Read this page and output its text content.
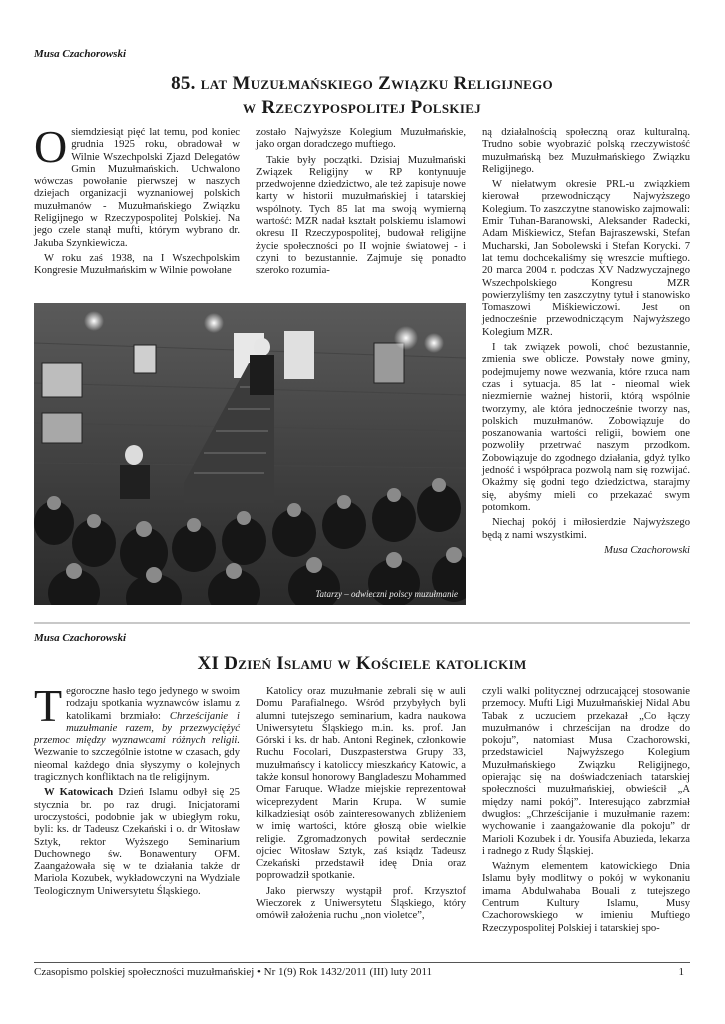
Musa Czachorowski
85. lat Muzułmańskiego Związku Religijnego
w Rzeczypospolitej Polskiej

Osiemdziesiąt pięć lat temu, pod koniec grudnia 1925 roku, obradował w Wilnie Wszechpolski Zjazd Delegatów Gmin Muzułmańskich. Uchwalono wówczas powołanie pierwszej w naszych dziejach organizacji wyznaniowej polskich muzułmanów - Muzułmańskiego Związku Religijnego w Rzeczypospolitej Polskiej. Na jego czele stanął mufti, którym wybrano dr. Jakuba Szynkiewicza.

W roku zaś 1938, na I Wszechpolskim Kongresie Muzułmańskim w Wilnie powołane

zostało Najwyższe Kolegium Muzułmańskie, jako organ doradczego muftiego.

Takie były początki. Dzisiaj Muzułmański Związek Religijny w RP kontynuuje przedwojenne dziedzictwo, ale też zapisuje nowe karty w historii muzułmańskiej i tatarskiej wspólnoty. Tych 85 lat ma swoją wymierną wartość: MZR nadał kształt polskiemu islamowi okresu II Rzeczypospolitej, budował religijne życie społeczności po II wojnie światowej - i czyni to bezustannie. Zajmuje się ponadto szeroko rozumia-

ną działalnością społeczną oraz kulturalną. Trudno sobie wyobrazić polską rzeczywistość muzułmańską bez Muzułmańskiego Związku Religijnego.

W niełatwym okresie PRL-u związkiem kierował przewodniczący Najwyższego Kolegium. To zaszczytne stanowisko zajmowali: Emir Tuhan-Baranowski, Aleksander Radecki, Adam Miśkiewicz, Stefan Bajraszewski, Stefan Mucharski, Jan Sobolewski i Stefan Korycki. 7 lat temu dochcekaliśmy się wreszcie muftiego. 20 marca 2004 r. podczas XV Nadzwyczajnego Wszechpolskiego Kongresu MZR powierzyliśmy ten zaszczytny tytuł i stanowisko Tomaszowi Miśkiewiczowi. Jest on jednocześnie przewodniczącym Najwyższego Kolegium MZR.

I tak związek powoli, choć bezustannie, zmienia swe oblicze. Powstały nowe gminy, podejmujemy nowe wezwania, które rzuca nam czas i sytuacja. 85 lat - nieomal wiek niezmiernie ważnej historii, którą wspólnie tworzymy, ale która jednocześnie tworzy nas, polskich muzułmanów. Zobowiązuje do poszanowania wartości religii, bowiem one pozwoliły przetrwać naszym przodkom. Zobowiązuje do zgodnego działania, gdyż tylko jedność i współpraca pozwolą nam się rozwijać. Okażmy się godni tego dziedzictwa, starajmy się, abyśmy mieli co przekazać swym potomkom.

Niechaj pokój i miłosierdzie Najwyższego będą z nami wszystkimi.

Musa Czachorowski
Tatarzy – odwieczni polscy muzułmanie
Musa Czachorowski
XI Dzień Islamu w Kościele katolickim

Tegoroczne hasło tego jedynego w swoim rodzaju spotkania wyznawców islamu z katolikami brzmiało: Chrześcijanie i muzułmanie razem, by przezwyciężyć przemoc między wyznawcami różnych religii. Wezwanie to szczególnie istotne w czasach, gdy nieomal każdego dnia słyszymy o kolejnych tragicznych konfliktach na tle religijnym.

W Katowicach Dzień Islamu odbył się 25 stycznia br. po raz drugi. Inicjatorami uroczystości, podobnie jak w ubiegłym roku, byli: ks. dr Tadeusz Czekański i o. dr Witosław Sztyk, rektor Wyższego Seminarium Duchownego św. Bonawentury OFM. Zaangażowała się w te działania także dr Mariola Kozubek, wykładowczyni na Wydziale Teologicznym Uniwersytetu Śląskiego.

Katolicy oraz muzułmanie zebrali się w auli Domu Parafialnego. Wśród przybyłych byli alumni tutejszego seminarium, kadra naukowa Uniwersytetu Śląskiego m.in. ks. prof. Jan Górski i ks. dr hab. Antoni Reginek, członkowie Ruchu Focolari, Duszpasterstwa Grupy 33, muzułmańscy i katoliccy mieszkańcy Katowic, a także konsul honorowy Bangladeszu Mohammed Omar Faruque. Władze miejskie reprezentował wiceprezydent Marin Krupa. W sumie kilkadziesiąt osób zainteresowanych zbliżeniem w imię wartości, które głoszą obie wielkie religie. Zgromadzonych powitał serdecznie ojciec Witosław Sztyk, zaś ksiądz Tadeusz Czekański przedstawił ideę Dnia oraz poprowadził spotkanie.

Jako pierwszy wystąpił prof. Krzysztof Wieczorek z Uniwersytetu Śląskiego, który omówił założenia ruchu „non violetce”,

czyli walki politycznej odrzucającej stosowanie przemocy. Mufti Ligi Muzułmańskiej Nidal Abu Tabak z uczuciem przekazał „Co łączy muzułmanów i chrześcijan na drodze do pokoju”, natomiast Musa Czachorowski, przedstawiciel Najwyższego Kolegium Muzułmańskiego Związku Religijnego, opierając się na doświadczeniach tatarskiej społeczności muzułmańskiej, obwieścił „A między nami pokój”. Interesująco zabrzmiał dwugłos: „Chrześcijanie i muzułmanie razem: wychowanie i zaangażowanie dla pokoju” dr Marioli Kozubek i dr. Yousifa Abuzieda, lekarza i radnego z Rudy Śląskiej.

Ważnym elementem katowickiego Dnia Islamu były modlitwy o pokój w wykonaniu imama Abdulwahaba Bouali z tutejszego Centrum Kultury Islamu, Musy Czachorowskiego w imieniu Muftiego Rzeczypospolitej Polskiej i tatarskiej spo-

Czasopismo polskiej społeczności muzułmańskiej • Nr 1(9) Rok 1432/2011 (III) luty 2011	1
